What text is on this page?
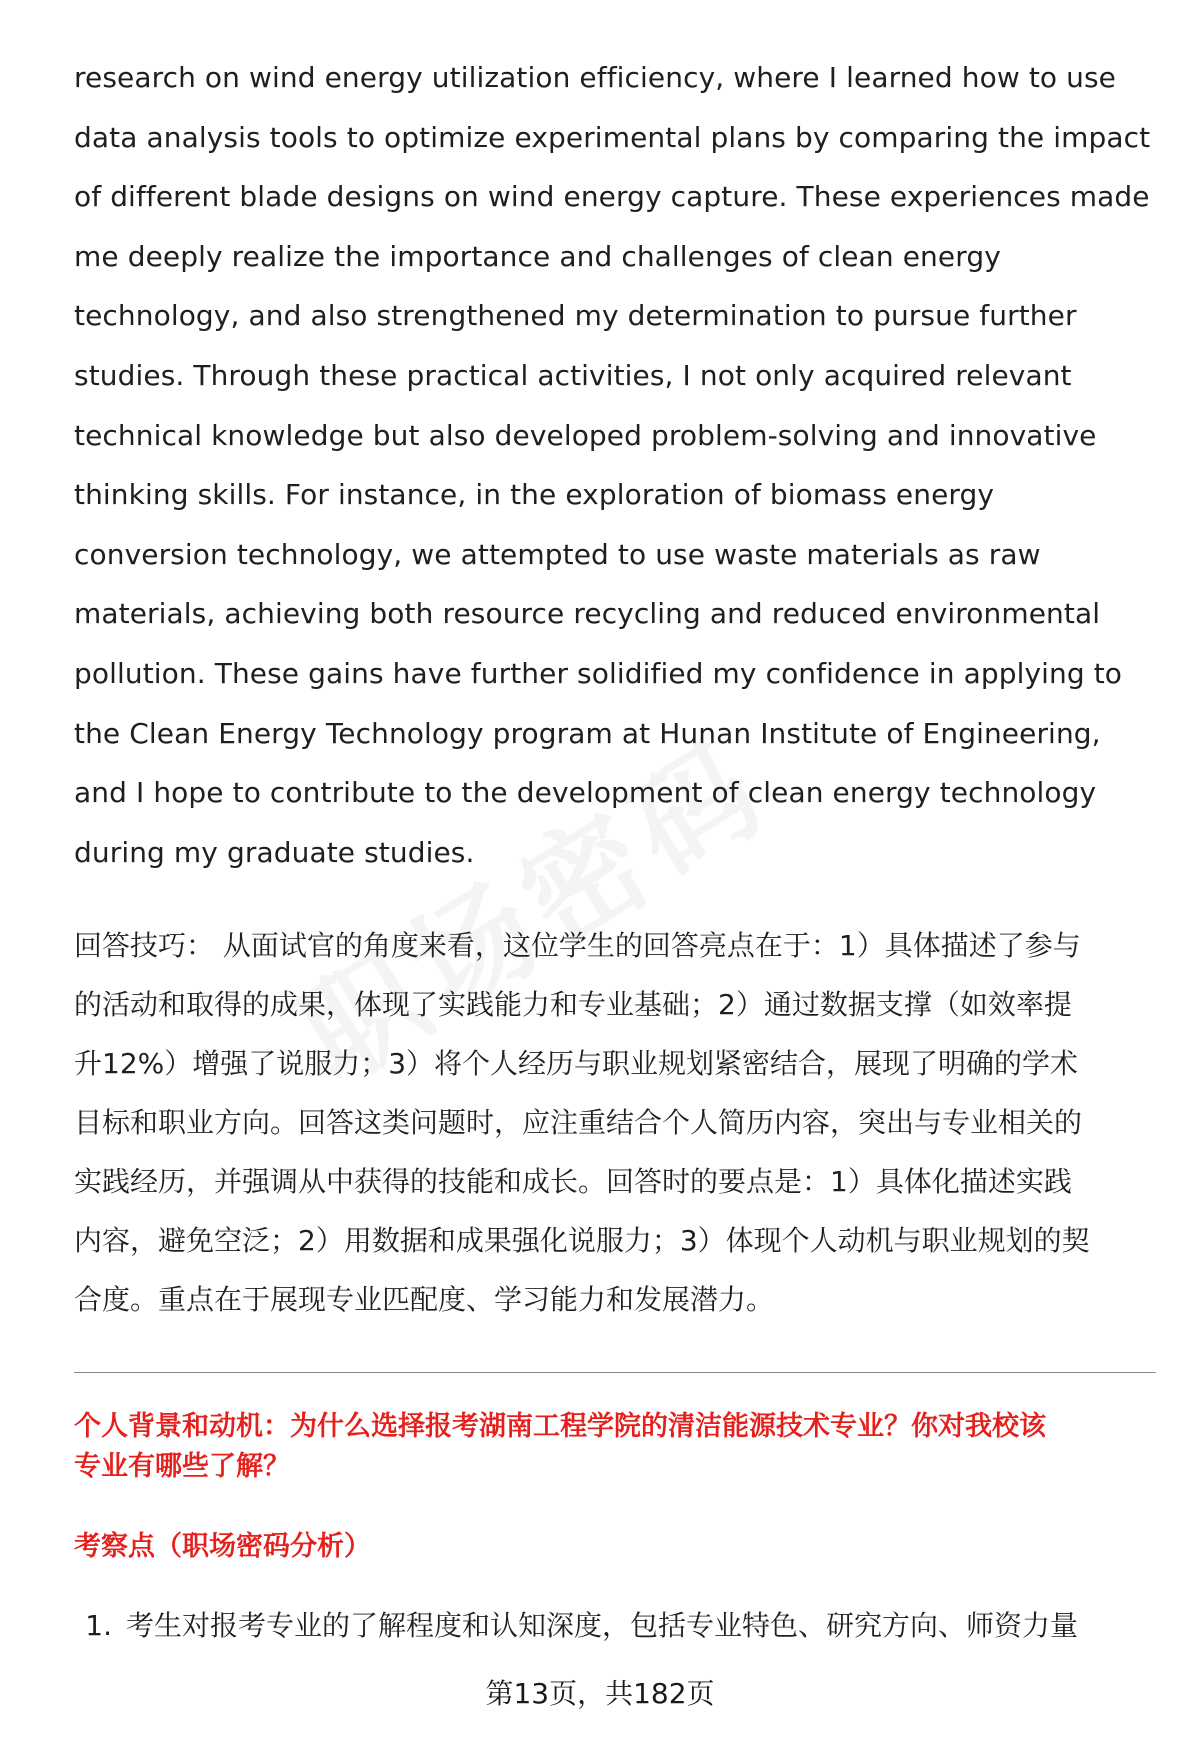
research on wind energy utilization efficiency, where I learned how to use
data analysis tools to optimize experimental plans by comparing the impact
of different blade designs on wind energy capture. These experiences made
me deeply realize the importance and challenges of clean energy
technology, and also strengthened my determination to pursue further
studies. Through these practical activities, I not only acquired relevant
technical knowledge but also developed problem-solving and innovative
thinking skills. For instance, in the exploration of biomass energy
conversion technology, we attempted to use waste materials as raw
materials, achieving both resource recycling and reduced environmental
pollution. These gains have further solidified my confidence in applying to
the Clean Energy Technology program at Hunan Institute of Engineering,
and I hope to contribute to the development of clean energy technology
during my graduate studies.

回答技巧： 从面试官的角度来看，这位学生的回答亮点在于：1）具体描述了参与
的活动和取得的成果，体现了实践能力和专业基础；2）通过数据支撑（如效率提
升12%）增强了说服力；3）将个人经历与职业规划紧密结合，展现了明确的学术
目标和职业方向。回答这类问题时，应注重结合个人简历内容，突出与专业相关的
实践经历，并强调从中获得的技能和成长。回答时的要点是：1）具体化描述实践
内容，避免空泛；2）用数据和成果强化说服力；3）体现个人动机与职业规划的契
合度。重点在于展现专业匹配度、学习能力和发展潜力。

个人背景和动机：为什么选择报考湖南工程学院的清洁能源技术专业？你对我校该
专业有哪些了解？
考察点（职场密码分析）
1. 考生对报考专业的了解程度和认知深度，包括专业特色、研究方向、师资力量
第13页，共182页
